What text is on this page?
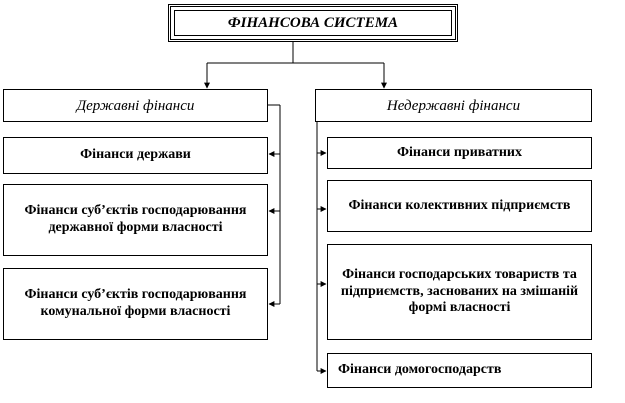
ФІНАНСОВА СИСТЕМА
Державні фінанси	Недержавні фінанси
Фінанси держави
Фінанси суб’єктів господарювання державної форми власності
Фінанси суб’єктів господарювання комунальної форми власності
Фінанси приватних
Фінанси колективних підприємств
Фінанси господарських товариств та підприємств, заснованих на змішаній формі власності
Фінанси домогосподарств
